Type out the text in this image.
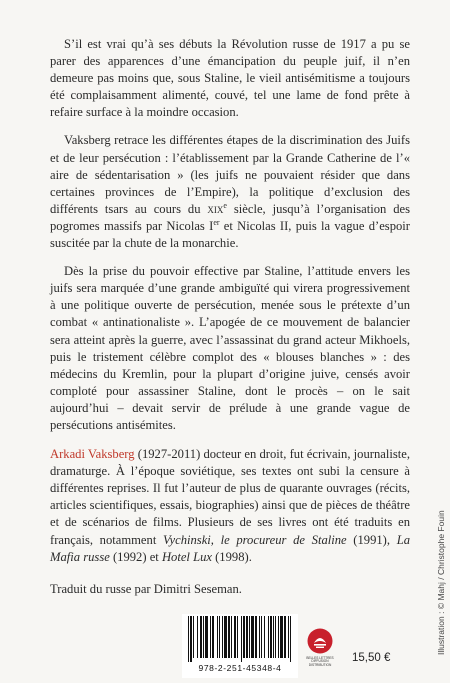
S’il est vrai qu’à ses débuts la Révolution russe de 1917 a pu se parer des apparences d’une émancipation du peuple juif, il n’en demeure pas moins que, sous Staline, le vieil antisémitisme a toujours été complaisamment alimenté, couvé, tel une lame de fond prête à refaire surface à la moindre occasion.

Vaksberg retrace les différentes étapes de la discrimination des Juifs et de leur persécution : l’établissement par la Grande Catherine de l’« aire de sédentarisation » (les juifs ne pouvaient résider que dans certaines provinces de l’Empire), la politique d’exclusion des différents tsars au cours du xix$^e$ siècle, jusqu’à l’organisation des pogromes massifs par Nicolas Ier et Nicolas II, puis la vague d’espoir suscitée par la chute de la monarchie.

Dès la prise du pouvoir effective par Staline, l’attitude envers les juifs sera marquée d’une grande ambiguïté qui virera progressivement à une politique ouverte de persécution, menée sous le prétexte d’un combat « antinationaliste ». L’apogée de ce mouvement de balancier sera atteint après la guerre, avec l’assassinat du grand acteur Mikhoels, puis le tristement célèbre complot des « blouses blanches » : des médecins du Kremlin, pour la plupart d’origine juive, censés avoir comploté pour assassiner Staline, dont le procès – on le sait aujourd’hui – devait servir de prélude à une grande vague de persécutions antisémites.

Arkadi Vaksberg (1927-2011) docteur en droit, fut écrivain, journaliste, dramaturge. À l’époque soviétique, ses textes ont subi la censure à différentes reprises. Il fut l’auteur de plus de quarante ouvrages (récits, articles scientifiques, essais, biographies) ainsi que de pièces de théâtre et de scénarios de films. Plusieurs de ses livres ont été traduits en français, notamment Vychinski, le procureur de Staline (1991), La Mafia russe (1992) et Hotel Lux (1998).

Traduit du russe par Dimitri Seseman.	Illustration : © Mahj / Christophe Fouin
978-2-251-45348-4
BELLES LETTRES
DIFFUSION
DISTRIBUTION
15,50 €
